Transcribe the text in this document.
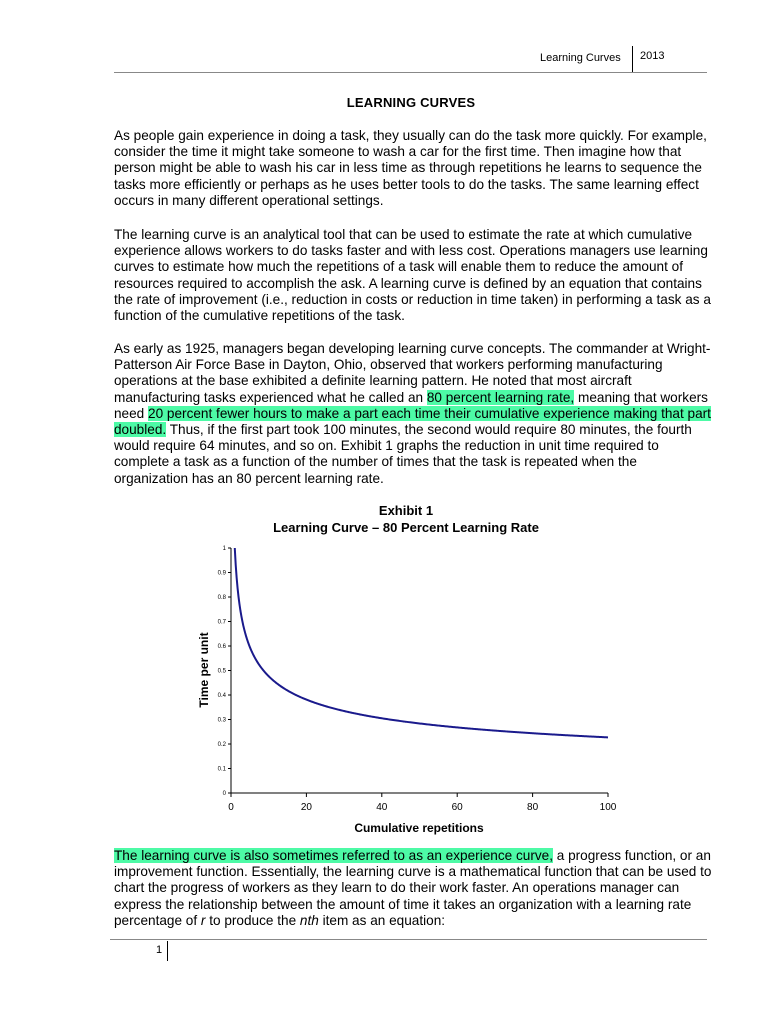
Learning Curves 2013
LEARNING CURVES

As people gain experience in doing a task, they usually can do the task more quickly. For example, consider the time it might take someone to wash a car for the first time. Then imagine how that person might be able to wash his car in less time as through repetitions he learns to sequence the tasks more efficiently or perhaps as he uses better tools to do the tasks. The same learning effect occurs in many different operational settings.

The learning curve is an analytical tool that can be used to estimate the rate at which cumulative experience allows workers to do tasks faster and with less cost. Operations managers use learning curves to estimate how much the repetitions of a task will enable them to reduce the amount of resources required to accomplish the ask. A learning curve is defined by an equation that contains the rate of improvement (i.e., reduction in costs or reduction in time taken) in performing a task as a function of the cumulative repetitions of the task.

As early as 1925, managers began developing learning curve concepts. The commander at Wright-Patterson Air Force Base in Dayton, Ohio, observed that workers performing manufacturing operations at the base exhibited a definite learning pattern. He noted that most aircraft manufacturing tasks experienced what he called an 80 percent learning rate, meaning that workers need 20 percent fewer hours to make a part each time their cumulative experience making that part doubled. Thus, if the first part took 100 minutes, the second would require 80 minutes, the fourth would require 64 minutes, and so on. Exhibit 1 graphs the reduction in unit time required to complete a task as a function of the number of times that the task is repeated when the organization has an 80 percent learning rate.

Exhibit 1
Learning Curve – 80 Percent Learning Rate
0
0.1
0.2
0.3
0.4
0.5
0.6
0.7
0.8
0.9
1
0	20	40	60	80	100
Cumulative repetitions
Time per unit

The learning curve is also sometimes referred to as an experience curve, a progress function, or an improvement function. Essentially, the learning curve is a mathematical function that can be used to chart the progress of workers as they learn to do their work faster. An operations manager can express the relationship between the amount of time it takes an organization with a learning rate percentage of r to produce the nth item as an equation:

1
